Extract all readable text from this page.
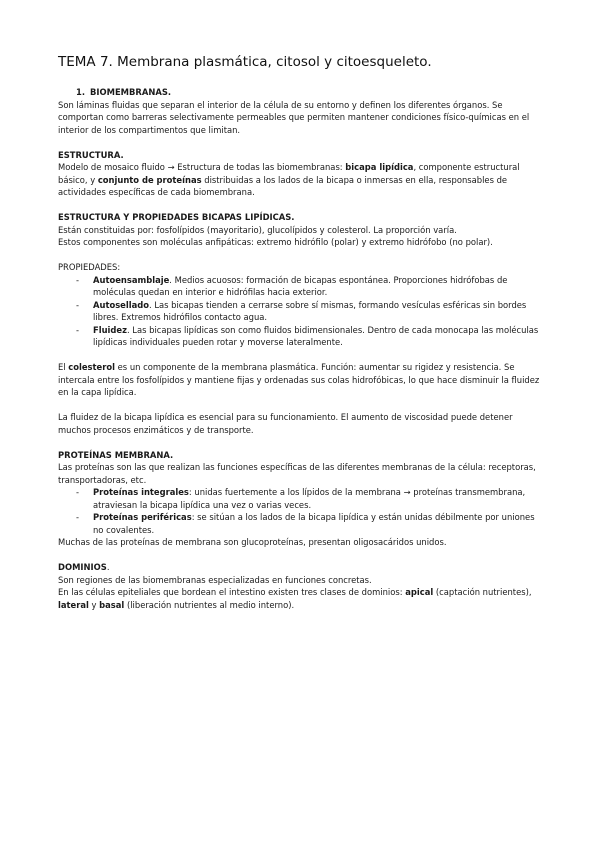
TEMA 7. Membrana plasmática, citosol y citoesqueleto.

1. BIOMEMBRANAS.

Son láminas fluidas que separan el interior de la célula de su entorno y definen los diferentes órganos. Se comportan como barreras selectivamente permeables que permiten mantener condiciones físico-químicas en el interior de los compartimentos que limitan.

ESTRUCTURA.

Modelo de mosaico fluido → Estructura de todas las biomembranas: bicapa lipídica, componente estructural básico, y conjunto de proteínas distribuidas a los lados de la bicapa o inmersas en ella, responsables de actividades específicas de cada biomembrana.

ESTRUCTURA Y PROPIEDADES BICAPAS LIPÍDICAS.

Están constituidas por: fosfolípidos (mayoritario), glucolípidos y colesterol. La proporción varía.

Estos componentes son moléculas anfipáticas: extremo hidrófilo (polar) y extremo hidrófobo (no polar).

PROPIEDADES:

- Autoensamblaje. Medios acuosos: formación de bicapas espontánea. Proporciones hidrófobas de moléculas quedan en interior e hidrófilas hacia exterior.
- Autosellado. Las bicapas tienden a cerrarse sobre sí mismas, formando vesículas esféricas sin bordes libres. Extremos hidrófilos contacto agua.
- Fluidez. Las bicapas lipídicas son como fluidos bidimensionales. Dentro de cada monocapa las moléculas lipídicas individuales pueden rotar y moverse lateralmente.

El colesterol es un componente de la membrana plasmática. Función: aumentar su rigidez y resistencia. Se intercala entre los fosfolípidos y mantiene fijas y ordenadas sus colas hidrofóbicas, lo que hace disminuir la fluidez en la capa lipídica.

La fluidez de la bicapa lipídica es esencial para su funcionamiento. El aumento de viscosidad puede detener muchos procesos enzimáticos y de transporte.

PROTEÍNAS MEMBRANA.

Las proteínas son las que realizan las funciones específicas de las diferentes membranas de la célula: receptoras, transportadoras, etc.

- Proteínas integrales: unidas fuertemente a los lípidos de la membrana → proteínas transmembrana, atraviesan la bicapa lipídica una vez o varias veces.
- Proteínas periféricas: se sitúan a los lados de la bicapa lipídica y están unidas débilmente por uniones no covalentes.

Muchas de las proteínas de membrana son glucoproteínas, presentan oligosacáridos unidos.

DOMINIOS.

Son regiones de las biomembranas especializadas en funciones concretas.

En las células epiteliales que bordean el intestino existen tres clases de dominios: apical (captación nutrientes), lateral y basal (liberación nutrientes al medio interno).
